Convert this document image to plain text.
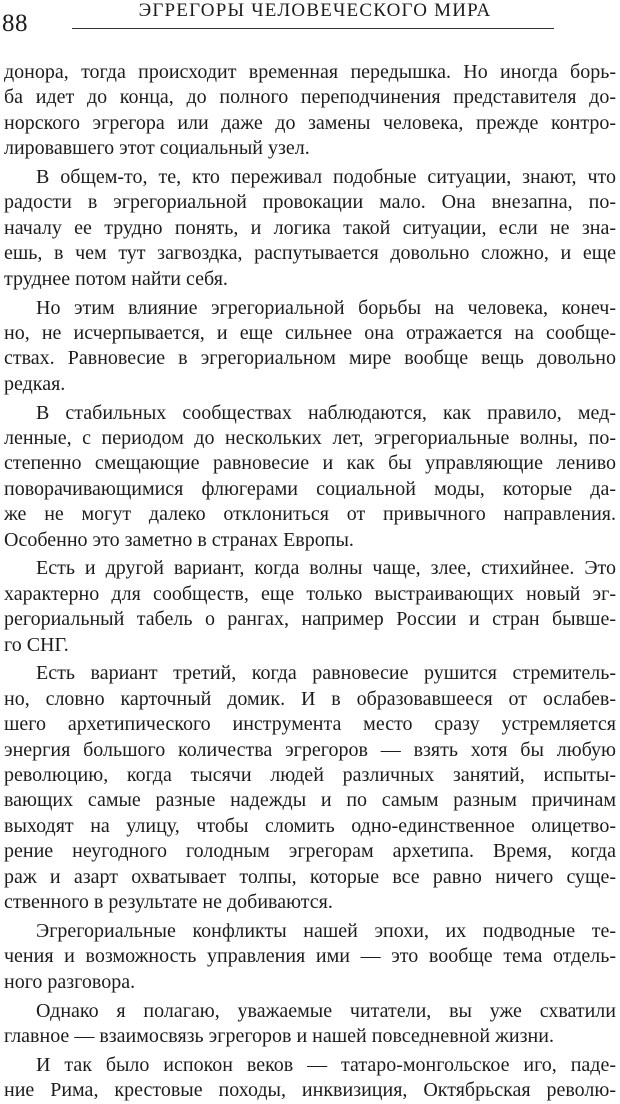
88	ЭГРЕГОРЫ ЧЕЛОВЕЧЕСКОГО МИРА
донора, тогда происходит временная передышка. Но иногда борь-
ба идет до конца, до полного переподчинения представителя до-
норского эгрегора или даже до замены человека, прежде контро-
лировавшего этот социальный узел.
В общем-то, те, кто переживал подобные ситуации, знают, что
радости в эгрегориальной провокации мало. Она внезапна, по-
началу ее трудно понять, и логика такой ситуации, если не зна-
ешь, в чем тут загвоздка, распутывается довольно сложно, и еще
труднее потом найти себя.
Но этим влияние эгрегориальной борьбы на человека, конеч-
но, не исчерпывается, и еще сильнее она отражается на сообще-
ствах. Равновесие в эгрегориальном мире вообще вещь довольно
редкая.
В стабильных сообществах наблюдаются, как правило, мед-
ленные, с периодом до нескольких лет, эгрегориальные волны, по-
степенно смещающие равновесие и как бы управляющие лениво
поворачивающимися флюгерами социальной моды, которые да-
же не могут далеко отклониться от привычного направления.
Особенно это заметно в странах Европы.
Есть и другой вариант, когда волны чаще, злее, стихийнее. Это
характерно для сообществ, еще только выстраивающих новый эг-
регориальный табель о рангах, например России и стран бывше-
го СНГ.
Есть вариант третий, когда равновесие рушится стремитель-
но, словно карточный домик. И в образовавшееся от ослабев-
шего архетипического инструмента место сразу устремляется
энергия большого количества эгрегоров — взять хотя бы любую
революцию, когда тысячи людей различных занятий, испыты-
вающих самые разные надежды и по самым разным причинам
выходят на улицу, чтобы сломить одно-единственное олицетво-
рение неугодного голодным эгрегорам архетипа. Время, когда
раж и азарт охватывает толпы, которые все равно ничего суще-
ственного в результате не добиваются.
Эгрегориальные конфликты нашей эпохи, их подводные те-
чения и возможность управления ими — это вообще тема отдель-
ного разговора.
Однако я полагаю, уважаемые читатели, вы уже схватили
главное — взаимосвязь эгрегоров и нашей повседневной жизни.
И так было испокон веков — татаро-монгольское иго, паде-
ние Рима, крестовые походы, инквизиция, Октябрьская револю-
